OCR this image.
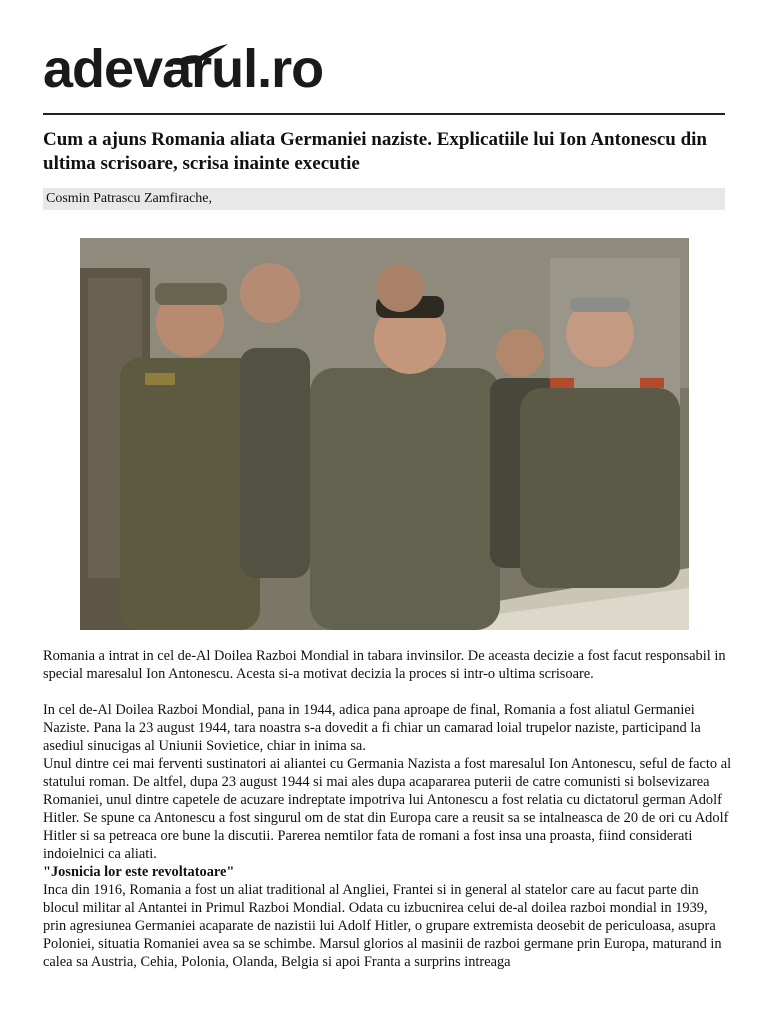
adevarul.ro
Cum a ajuns Romania aliata Germaniei naziste. Explicatiile lui Ion Antonescu din ultima scrisoare, scrisa inainte executie
Cosmin Patrascu Zamfirache,

Romania a intrat in cel de-Al Doilea Razboi Mondial in tabara invinsilor. De aceasta decizie a fost facut responsabil in special maresalul Ion Antonescu. Acesta si-a motivat decizia la proces si intr-o ultima scrisoare.

In cel de-Al Doilea Razboi Mondial, pana in 1944, adica pana aproape de final, Romania a fost aliatul Germaniei Naziste. Pana la 23 august 1944, tara noastra s-a dovedit a fi chiar un camarad loial trupelor naziste, participand la asediul sinucigas al Uniunii Sovietice, chiar in inima sa.

Unul dintre cei mai ferventi sustinatori ai aliantei cu Germania Nazista a fost maresalul Ion Antonescu, seful de facto al statului roman. De altfel, dupa 23 august 1944 si mai ales dupa acapararea puterii de catre comunisti si bolsevizarea Romaniei, unul dintre capetele de acuzare indreptate impotriva lui Antonescu a fost relatia cu dictatorul german Adolf Hitler. Se spune ca Antonescu a fost singurul om de stat din Europa care a reusit sa se intalneasca de 20 de ori cu Adolf Hitler si sa petreaca ore bune la discutii. Parerea nemtilor fata de romani a fost insa una proasta, fiind considerati indoielnici ca aliati.

"Josnicia lor este revoltatoare"

Inca din 1916, Romania a fost un aliat traditional al Angliei, Frantei si in general al statelor care au facut parte din blocul militar al Antantei in Primul Razboi Mondial. Odata cu izbucnirea celui de-al doilea razboi mondial in 1939, prin agresiunea Germaniei acaparate de nazistii lui Adolf Hitler, o grupare extremista deosebit de periculoasa, asupra Poloniei, situatia Romaniei avea sa se schimbe. Marsul glorios al masinii de razboi germane prin Europa, maturand in calea sa Austria, Cehia, Polonia, Olanda, Belgia si apoi Franta a surprins intreaga
